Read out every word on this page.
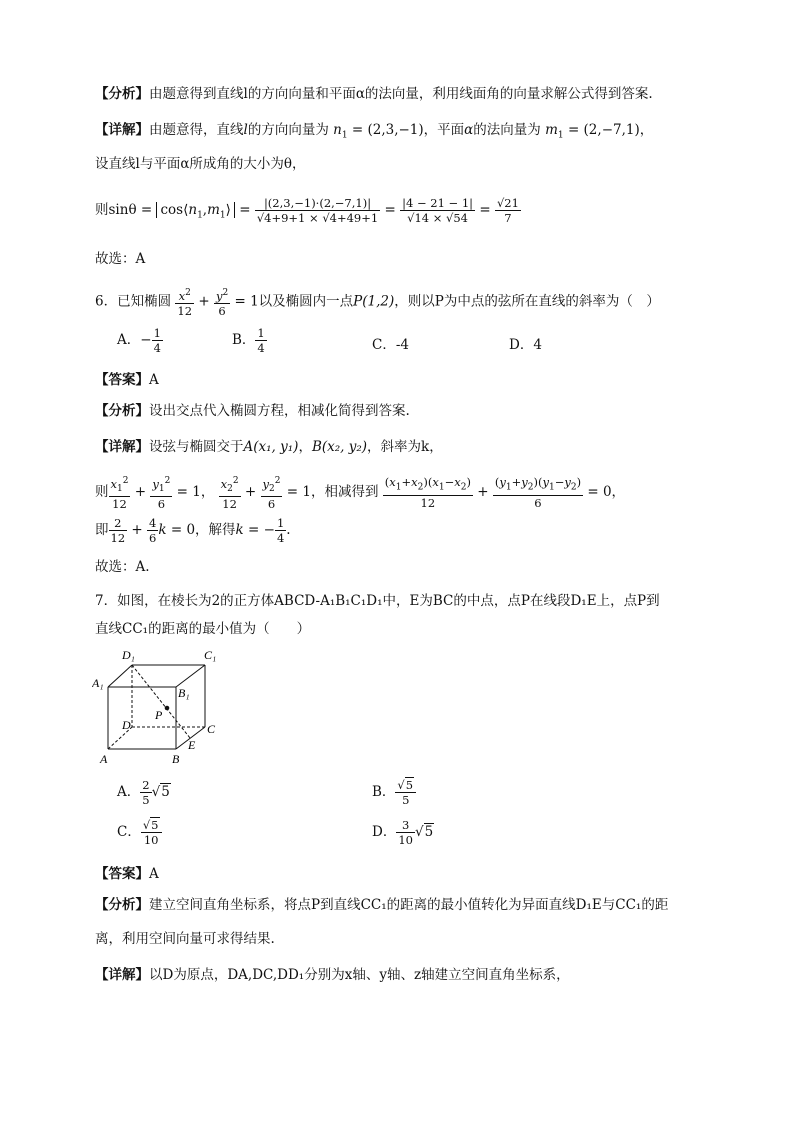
【分析】由题意得到直线l的方向向量和平面α的法向量，利用线面角的向量求解公式得到答案.
【详解】由题意得，直线l的方向向量为 $n_1 = (2,3,-1)$，平面α的法向量为 $m_1 = (2,-7,1)$，
设直线l与平面α所成角的大小为θ，
则$\sin\theta = \cos⟨n_1,m_1⟩ = \frac{|(2,3,-1)\cdot(2,-7,1)|}{√4+9+1 \times √4+49+1} = \frac{|4 - 21 - 1|}{√14 \times √54} = \frac{√21}{7}$
故选：A
6．已知椭圆 $\frac{x^2}{12} + \frac{y^2}{6} = 1$以及椭圆内一点P(1,2)，则以P为中点的弦所在直线的斜率为（　）
A．− $\frac{1}{4}$	B． $\frac{1}{4}$	C．-4	D．4
【答案】A
【分析】设出交点代入椭圆方程，相减化简得到答案.
【详解】设弦与椭圆交于A(x₁, y₁)，B(x₂, y₂)，斜率为k，
则 $\frac{x_1^2}{12} + \frac{y_1^2}{6} = 1$， $\frac{x_2^2}{12} + \frac{y_2^2}{6} = 1$，相减得到 $\frac{(x_1+x_2)(x_1-x_2)}{12} + \frac{(y_1+y_2)(y_1-y_2)}{6} = 0$，
即 $\frac{2}{12} + \frac{4}{6}$ k = 0，解得k = − $\frac{1}{4}$ .
故选：A.
7．如图，在棱长为2的正方体ABCD-A₁B₁C₁D₁中，E为BC的中点，点P在线段D₁E上，点P到
直线CC₁的距离的最小值为（　　）
D₁	C₁
A₁
B₁
D	C
P
E
A	B
A． $\frac{2}{5} √5$	B． $\frac{√5}{5}$
C． $\frac{√5}{10}$	D． $\frac{3}{10} √5$
【答案】A
【分析】建立空间直角坐标系，将点P到直线CC₁的距离的最小值转化为异面直线D₁E与CC₁的距
离，利用空间向量可求得结果.
【详解】以D为原点，DA,DC,DD₁分别为x轴、y轴、z轴建立空间直角坐标系，
